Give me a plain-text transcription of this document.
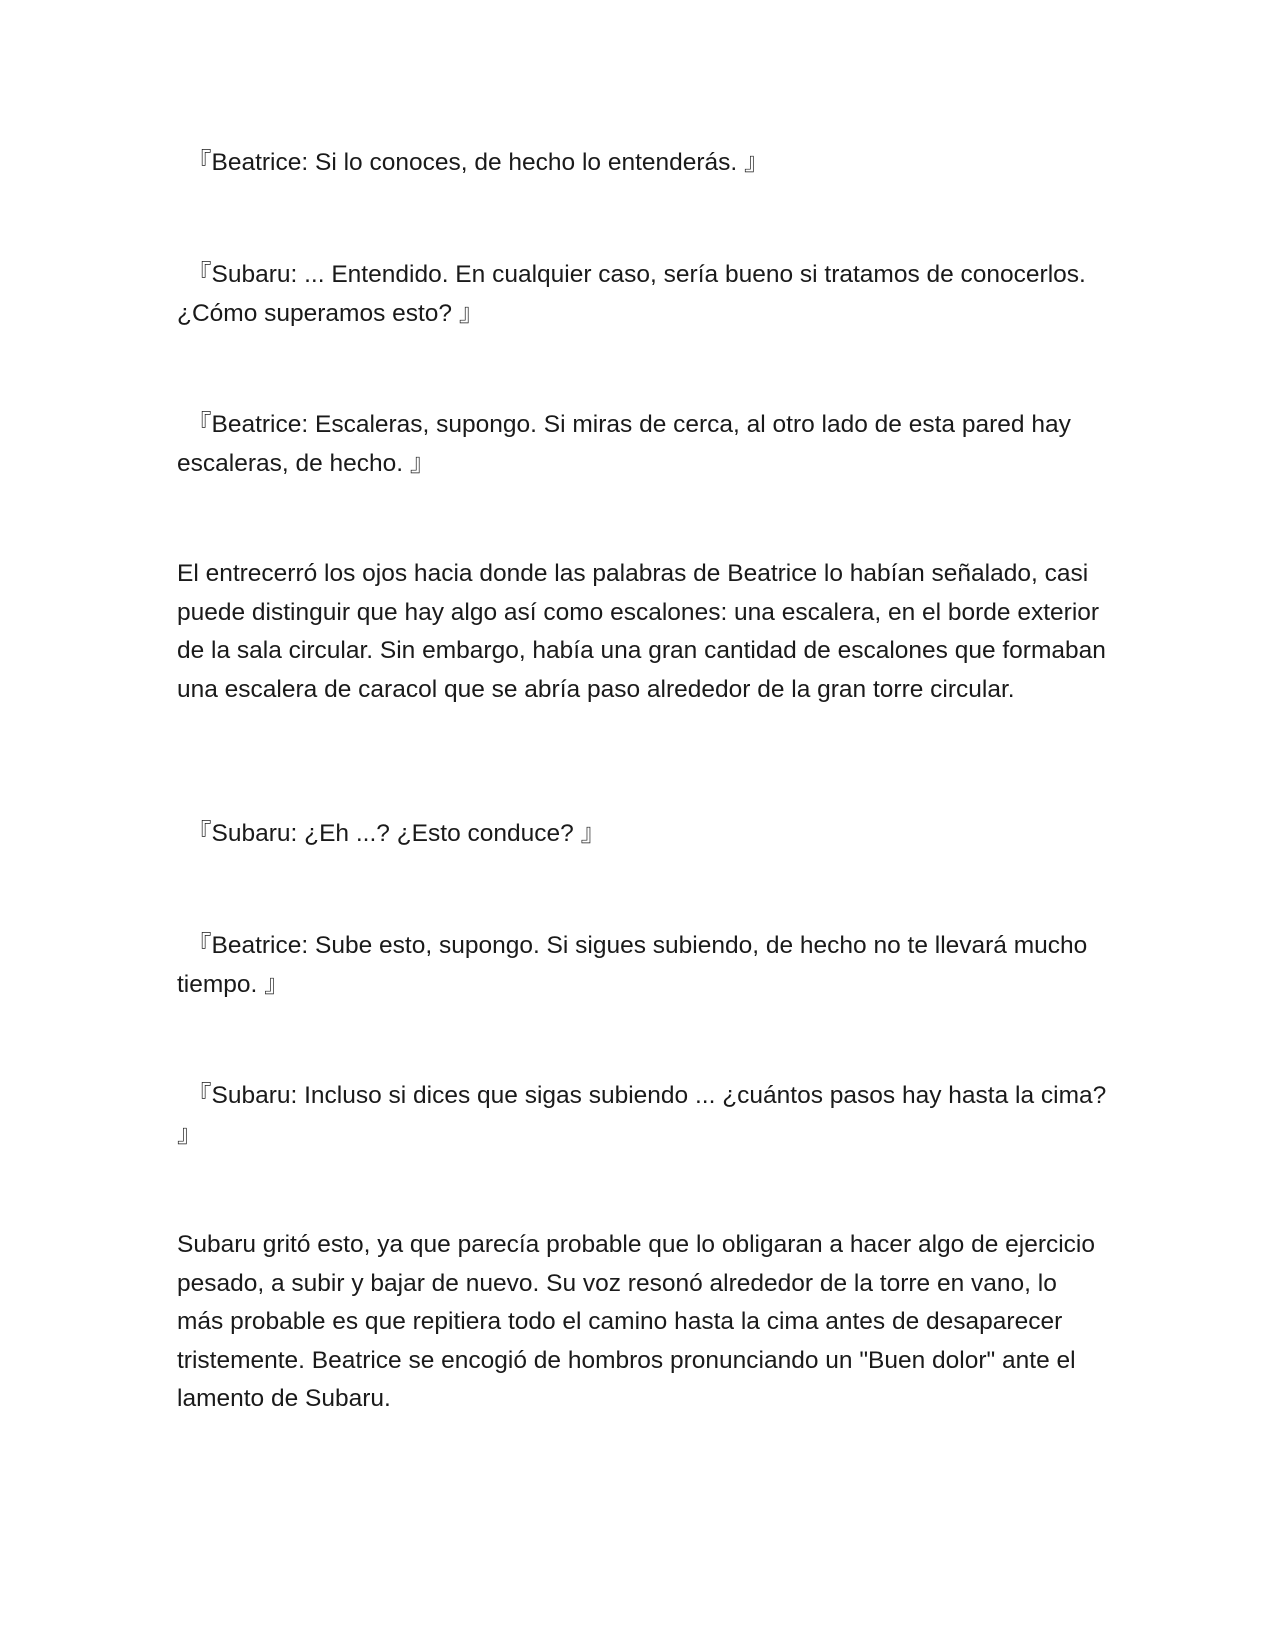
『Beatrice: Si lo conoces, de hecho lo entenderás. 』

『Subaru: ... Entendido. En cualquier caso, sería bueno si tratamos de conocerlos. ¿Cómo superamos esto? 』

『Beatrice: Escaleras, supongo. Si miras de cerca, al otro lado de esta pared hay escaleras, de hecho. 』

El entrecerró los ojos hacia donde las palabras de Beatrice lo habían señalado, casi puede distinguir que hay algo así como escalones: una escalera, en el borde exterior de la sala circular. Sin embargo, había una gran cantidad de escalones que formaban una escalera de caracol que se abría paso alrededor de la gran torre circular.

『Subaru: ¿Eh ...? ¿Esto conduce? 』

『Beatrice: Sube esto, supongo. Si sigues subiendo, de hecho no te llevará mucho tiempo. 』

『Subaru: Incluso si dices que sigas subiendo ... ¿cuántos pasos hay hasta la cima? 』

Subaru gritó esto, ya que parecía probable que lo obligaran a hacer algo de ejercicio pesado, a subir y bajar de nuevo. Su voz resonó alrededor de la torre en vano, lo más probable es que repitiera todo el camino hasta la cima antes de desaparecer tristemente. Beatrice se encogió de hombros pronunciando un "Buen dolor" ante el lamento de Subaru.
